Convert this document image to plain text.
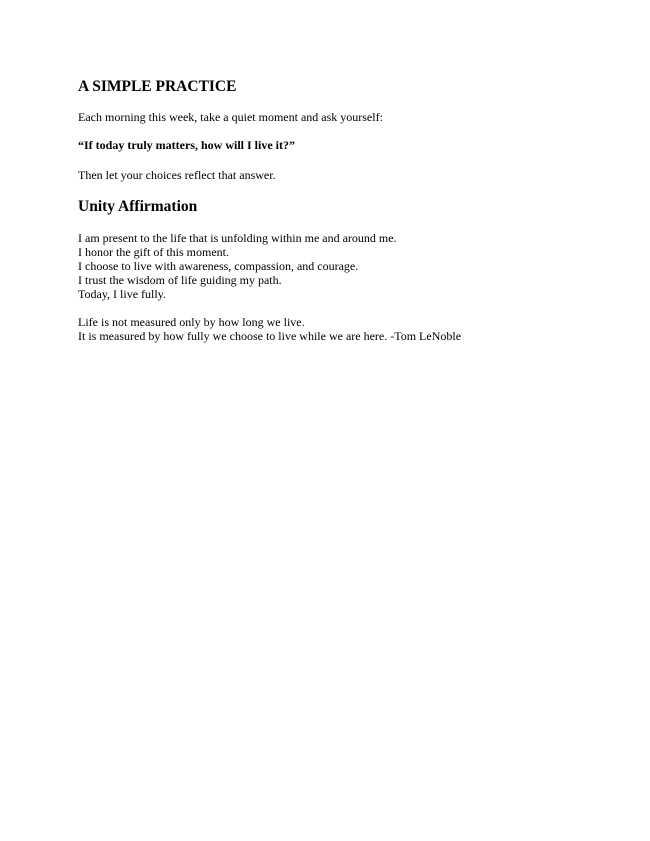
A SIMPLE PRACTICE

Each morning this week, take a quiet moment and ask yourself:

“If today truly matters, how will I live it?”

Then let your choices reflect that answer.

Unity Affirmation

I am present to the life that is unfolding within me and around me.

I honor the gift of this moment.

I choose to live with awareness, compassion, and courage.

I trust the wisdom of life guiding my path.

Today, I live fully.

Life is not measured only by how long we live.

It is measured by how fully we choose to live while we are here. -Tom LeNoble
